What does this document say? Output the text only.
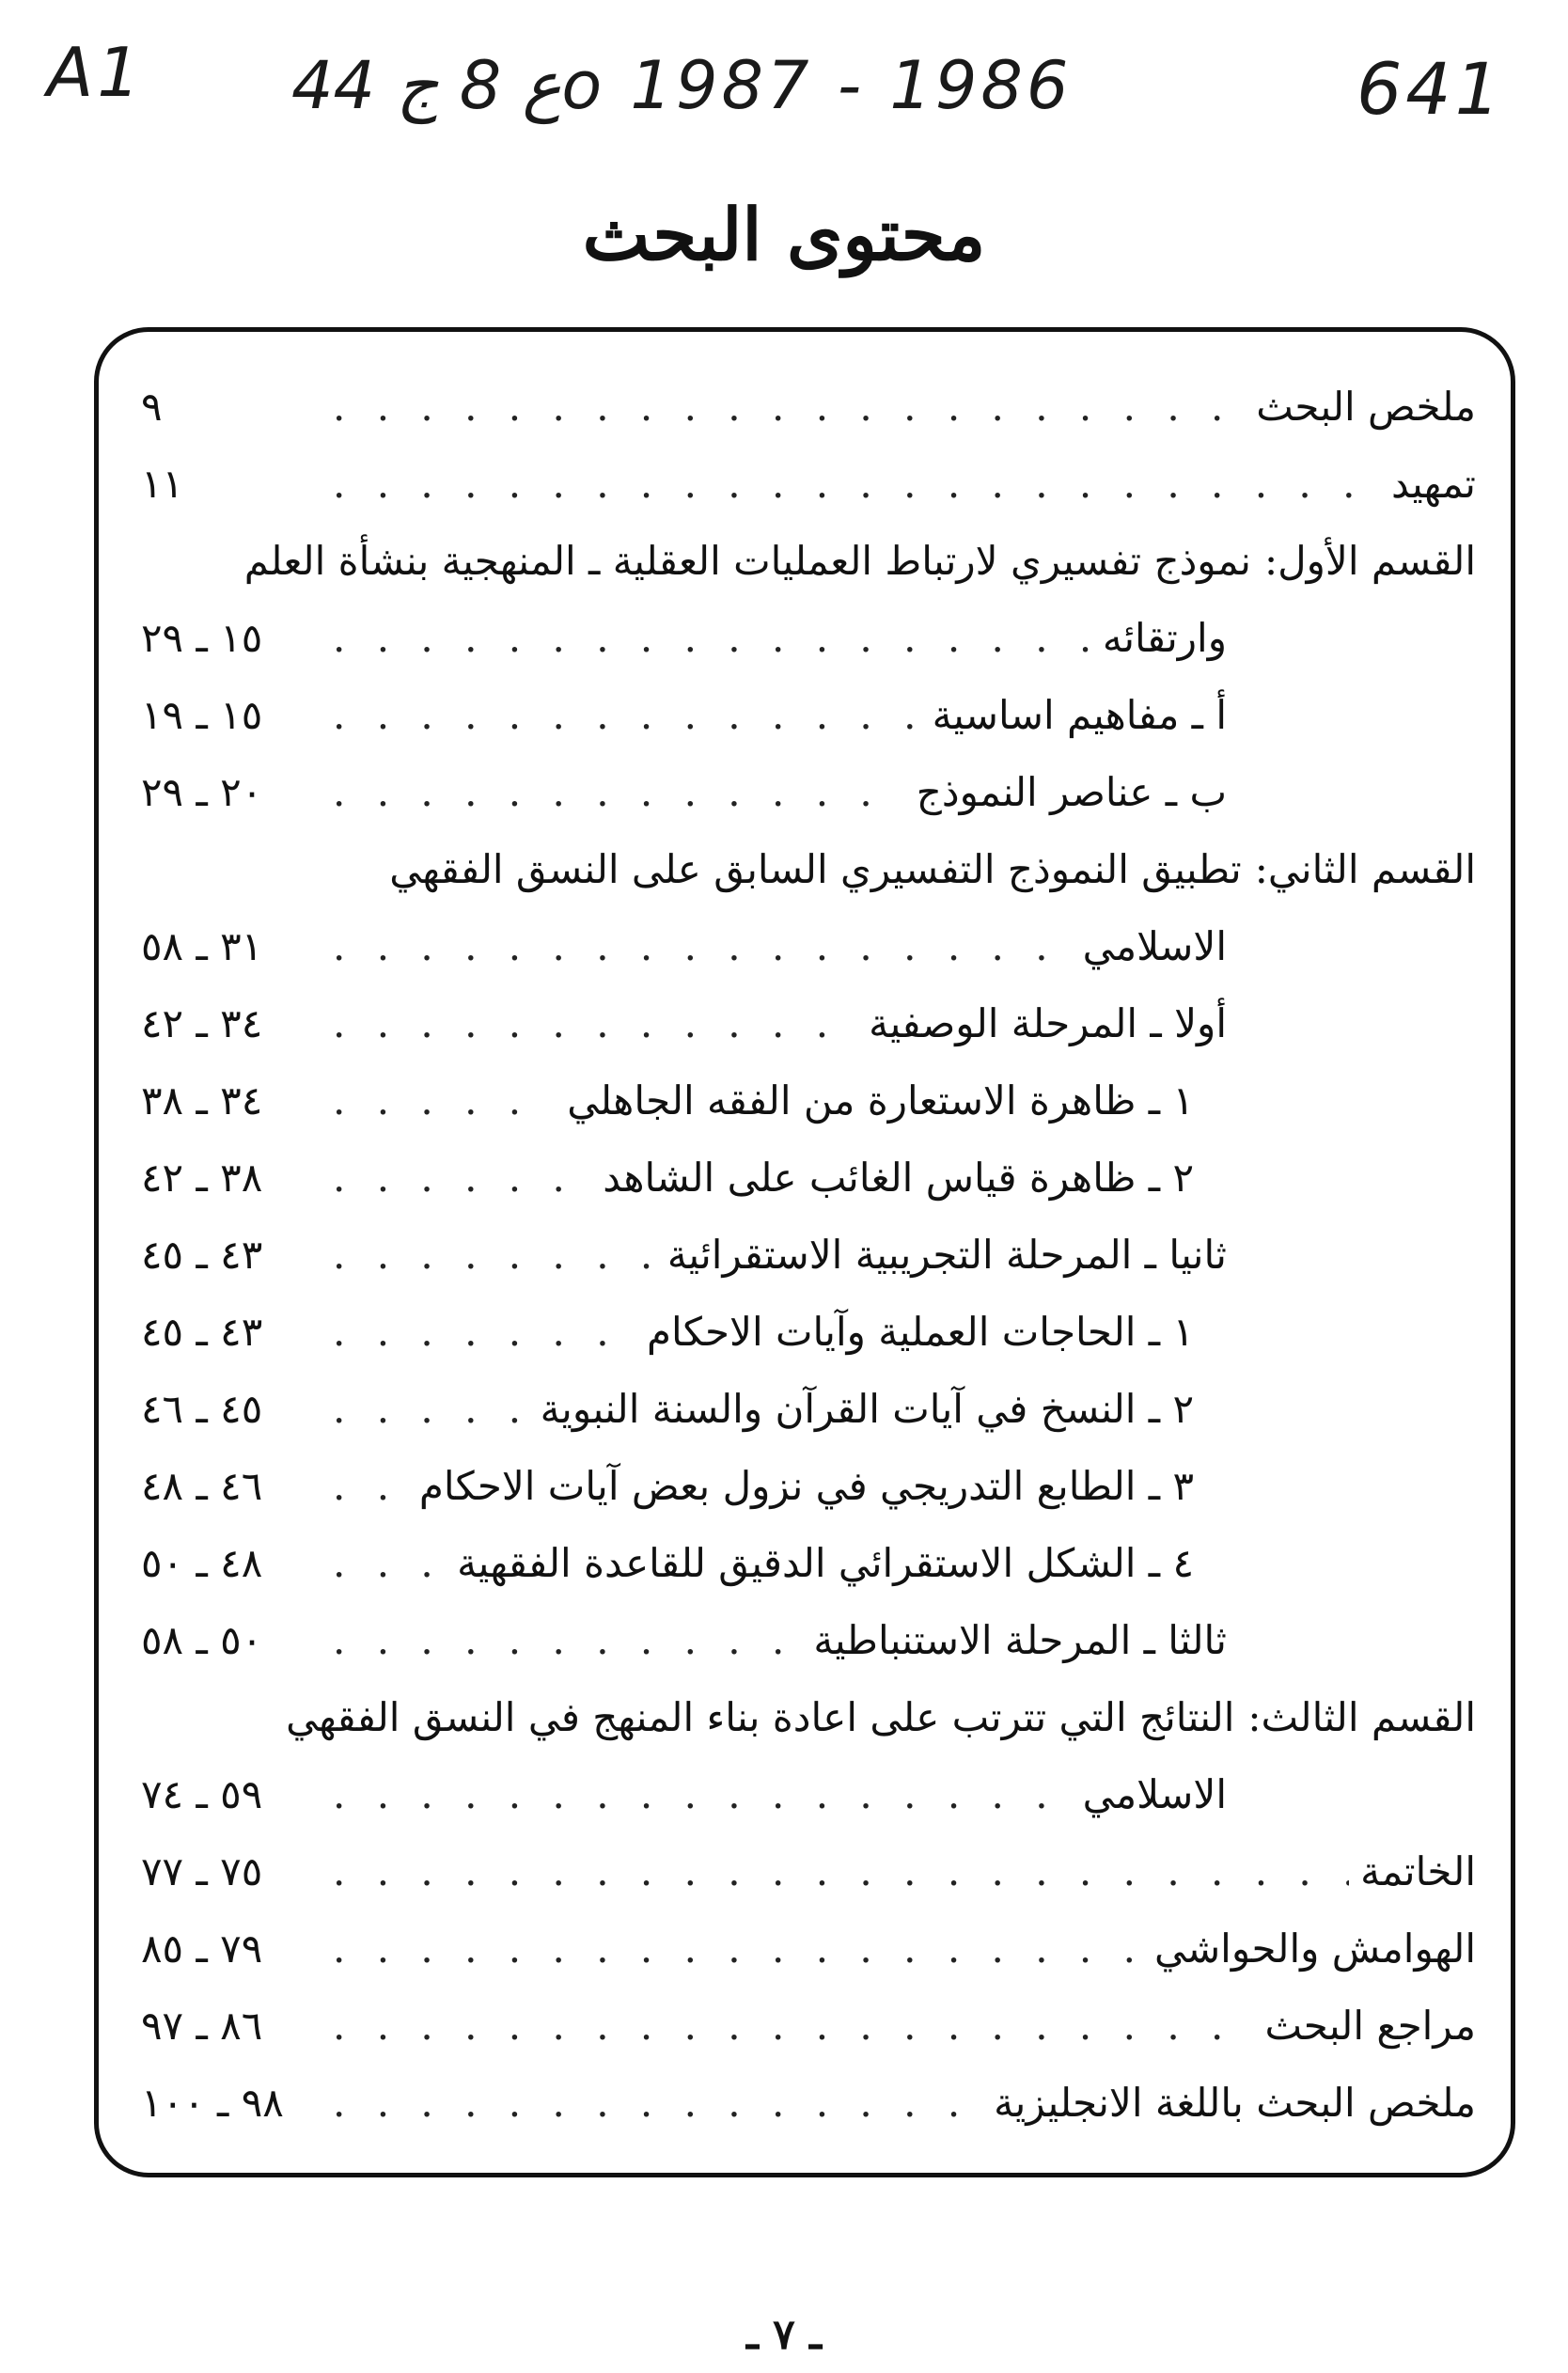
A1 44 ع 8 جo 1987 - 1986	641
محتوى البحث
ملخص البحث
. . .
٩
تمهيد
. . .
١١
القسم الأول:
نموذج تفسيري لارتباط العمليات العقلية ـ المنهجية بنشأة العلم
وارتقائه
. . .
١٥ ـ ٢٩
أ ـ مفاهيم اساسية
. . .
١٥ ـ ١٩
ب ـ عناصر النموذج
. . .
٢٠ ـ ٢٩
القسم الثاني:
تطبيق النموذج التفسيري السابق على النسق الفقهي
الاسلامي
. . .
٣١ ـ ٥٨
أولا ـ المرحلة الوصفية
. . .
٣٤ ـ ٤٢
١ ـ ظاهرة الاستعارة من الفقه الجاهلي
. . .
٣٤ ـ ٣٨
٢ ـ ظاهرة قياس الغائب على الشاهد
. . .
٣٨ ـ ٤٢
ثانيا ـ المرحلة التجريبية الاستقرائية
. . .
٤٣ ـ ٤٥
١ ـ الحاجات العملية وآيات الاحكام
. . .
٤٣ ـ ٤٥
٢ ـ النسخ في آيات القرآن والسنة النبوية
. . .
٤٥ ـ ٤٦
٣ ـ الطابع التدريجي في نزول بعض آيات الاحكام
. . .
٤٦ ـ ٤٨
٤ ـ الشكل الاستقرائي الدقيق للقاعدة الفقهية
. . .
٤٨ ـ ٥٠
ثالثا ـ المرحلة الاستنباطية
. . .
٥٠ ـ ٥٨
القسم الثالث:
النتائج التي تترتب على اعادة بناء المنهج في النسق الفقهي
الاسلامي
. . .
٥٩ ـ ٧٤
الخاتمة
. . .
٧٥ ـ ٧٧
الهوامش والحواشي
. . .
٧٩ ـ ٨٥
مراجع البحث
. . .
٨٦ ـ ٩٧
ملخص البحث باللغة الانجليزية
. . .
٩٨ ـ ١٠٠
ـ ٧ ـ
